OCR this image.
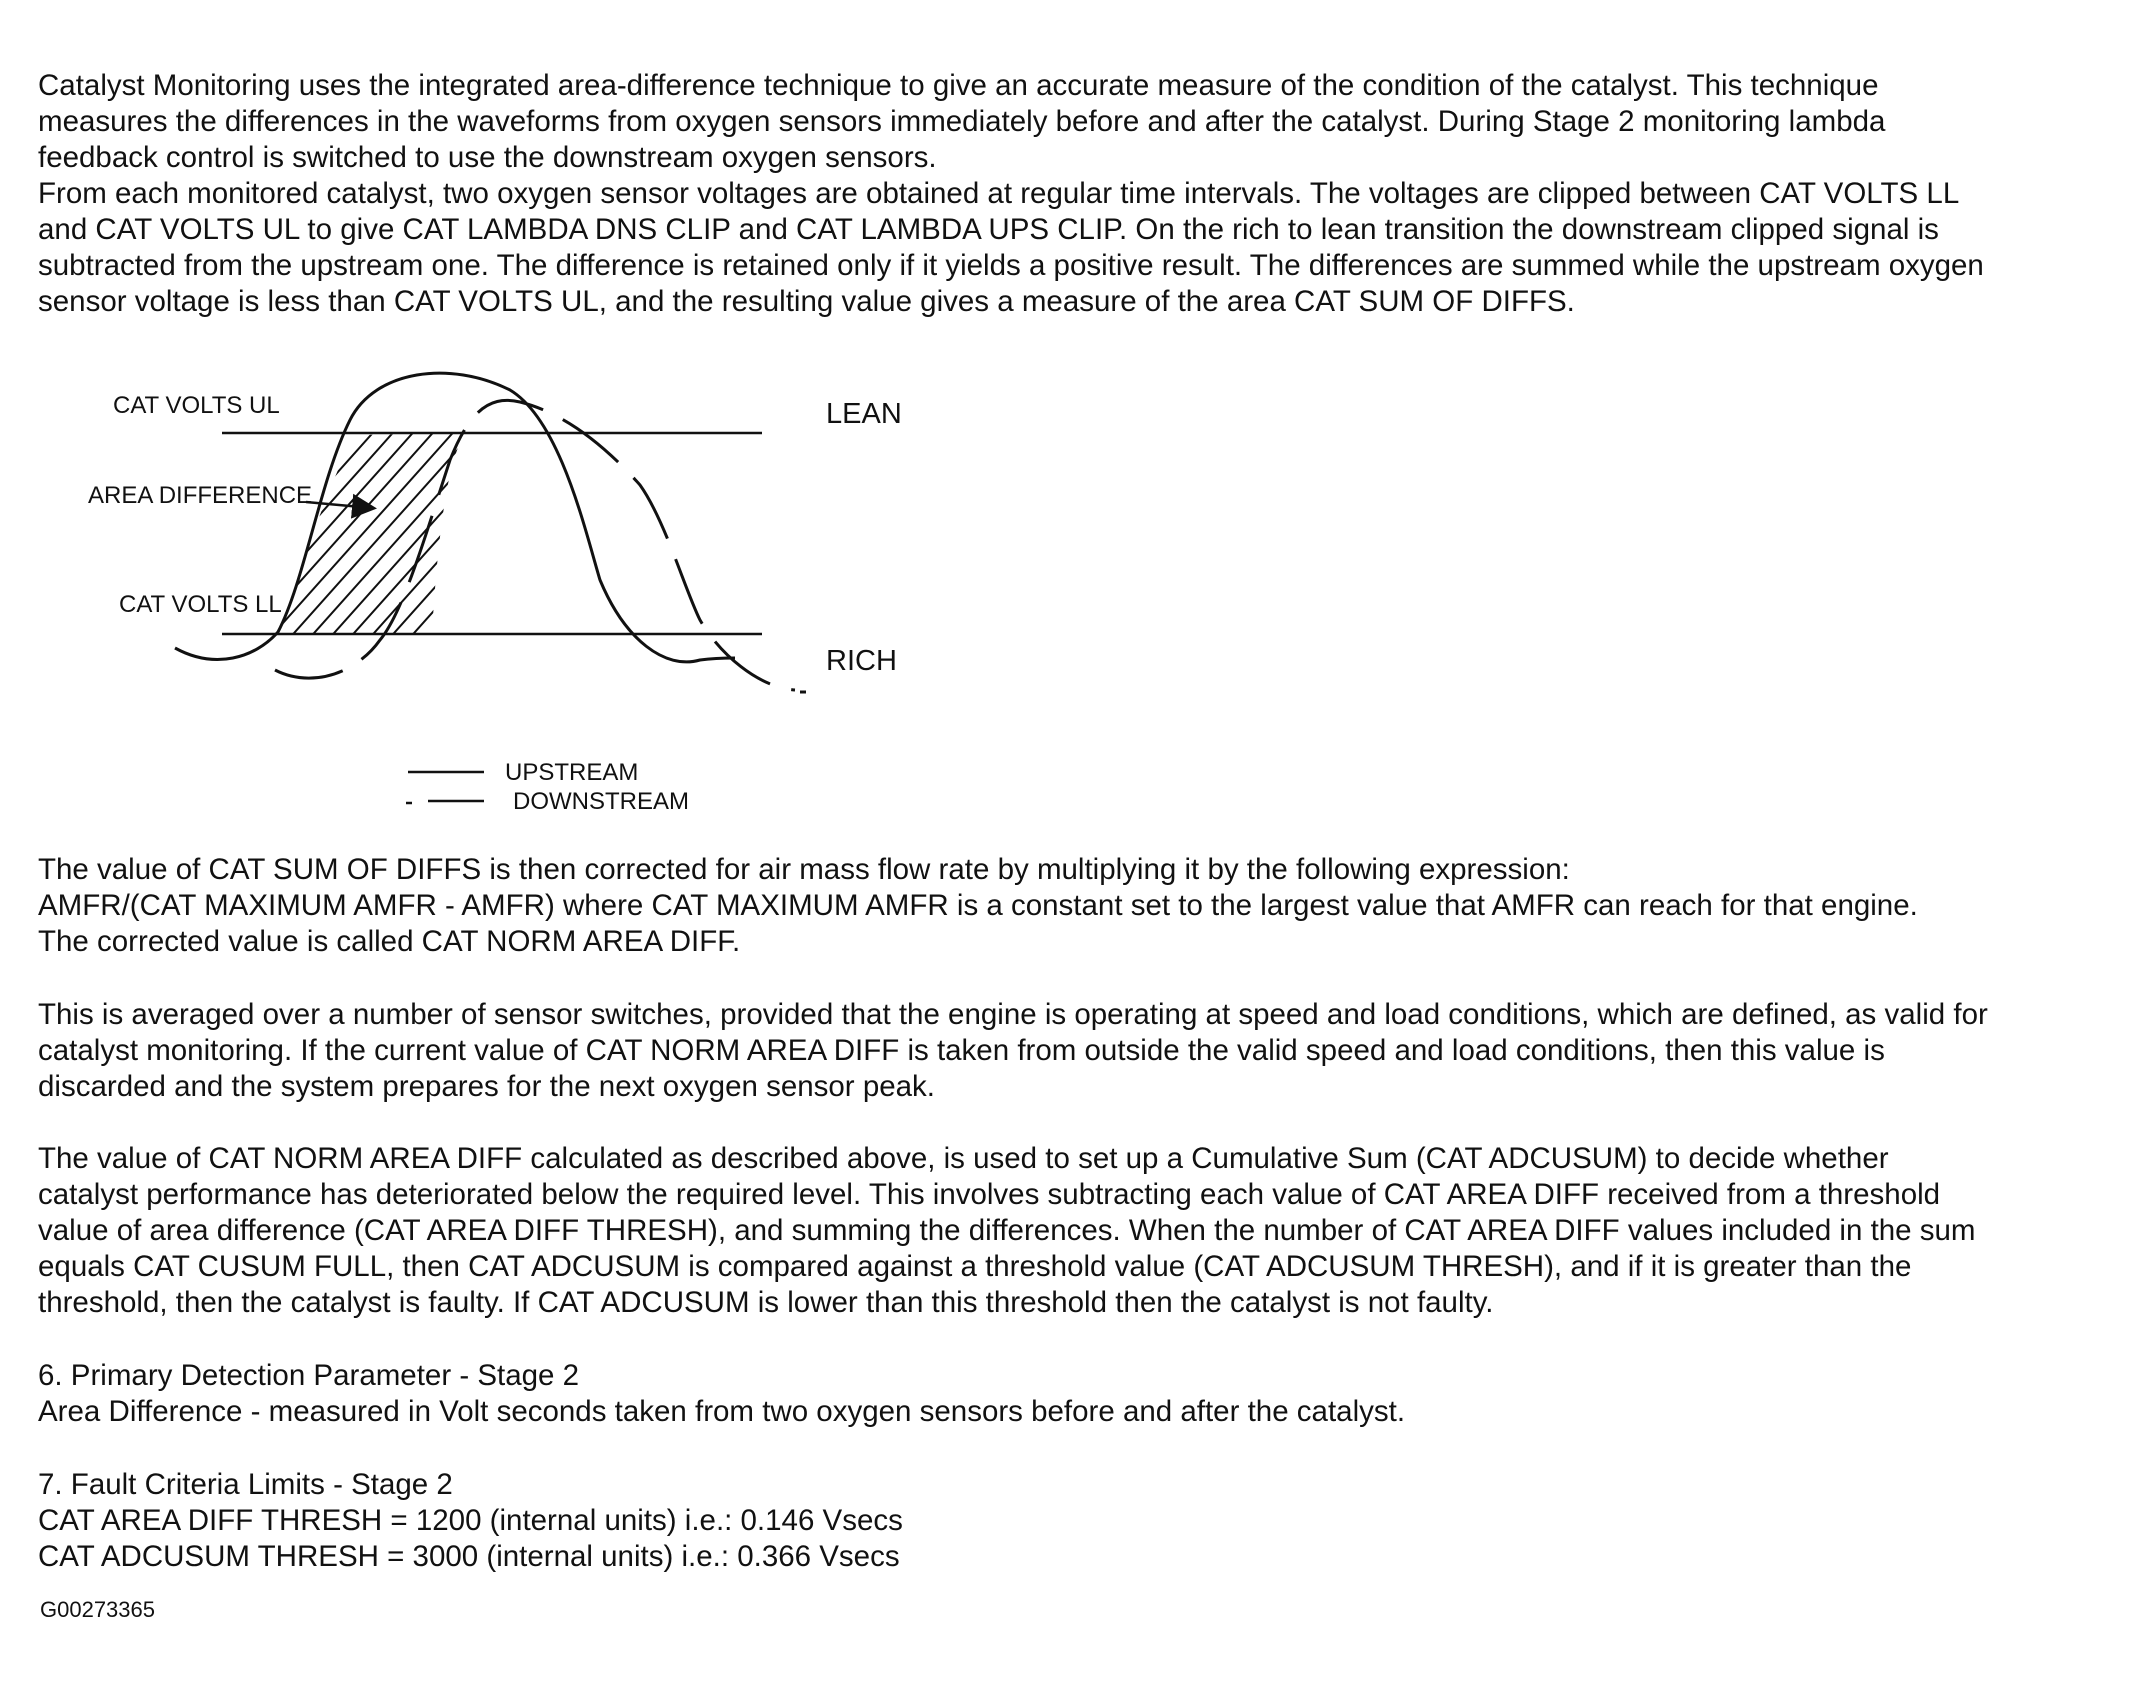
Catalyst Monitoring uses the integrated area-difference technique to give an accurate measure of the condition of the catalyst. This technique
measures the differences in the waveforms from oxygen sensors immediately before and after the catalyst. During Stage 2 monitoring lambda
feedback control is switched to use the downstream oxygen sensors.
From each monitored catalyst, two oxygen sensor voltages are obtained at regular time intervals. The voltages are clipped between CAT VOLTS LL
and CAT VOLTS UL to give CAT LAMBDA DNS CLIP and CAT LAMBDA UPS CLIP. On the rich to lean transition the downstream clipped signal is
subtracted from the upstream one. The difference is retained only if it yields a positive result. The differences are summed while the upstream oxygen
sensor voltage is less than CAT VOLTS UL, and the resulting value gives a measure of the area CAT SUM OF DIFFS.
CAT VOLTS UL
AREA DIFFERENCE
CAT VOLTS LL
LEAN
RICH
UPSTREAM
DOWNSTREAM
The value of CAT SUM OF DIFFS is then corrected for air mass flow rate by multiplying it by the following expression:
AMFR/(CAT MAXIMUM AMFR - AMFR) where CAT MAXIMUM AMFR is a constant set to the largest value that AMFR can reach for that engine.
The corrected value is called CAT NORM AREA DIFF.
This is averaged over a number of sensor switches, provided that the engine is operating at speed and load conditions, which are defined, as valid for
catalyst monitoring. If the current value of CAT NORM AREA DIFF is taken from outside the valid speed and load conditions, then this value is
discarded and the system prepares for the next oxygen sensor peak.
The value of CAT NORM AREA DIFF calculated as described above, is used to set up a Cumulative Sum (CAT ADCUSUM) to decide whether
catalyst performance has deteriorated below the required level. This involves subtracting each value of CAT AREA DIFF received from a threshold
value of area difference (CAT AREA DIFF THRESH), and summing the differences. When the number of CAT AREA DIFF values included in the sum
equals CAT CUSUM FULL, then CAT ADCUSUM is compared against a threshold value (CAT ADCUSUM THRESH), and if it is greater than the
threshold, then the catalyst is faulty. If CAT ADCUSUM is lower than this threshold then the catalyst is not faulty.
6. Primary Detection Parameter - Stage 2
Area Difference - measured in Volt seconds taken from two oxygen sensors before and after the catalyst.
7. Fault Criteria Limits - Stage 2
CAT AREA DIFF THRESH = 1200 (internal units) i.e.: 0.146 Vsecs
CAT ADCUSUM THRESH = 3000 (internal units) i.e.: 0.366 Vsecs
G00273365
